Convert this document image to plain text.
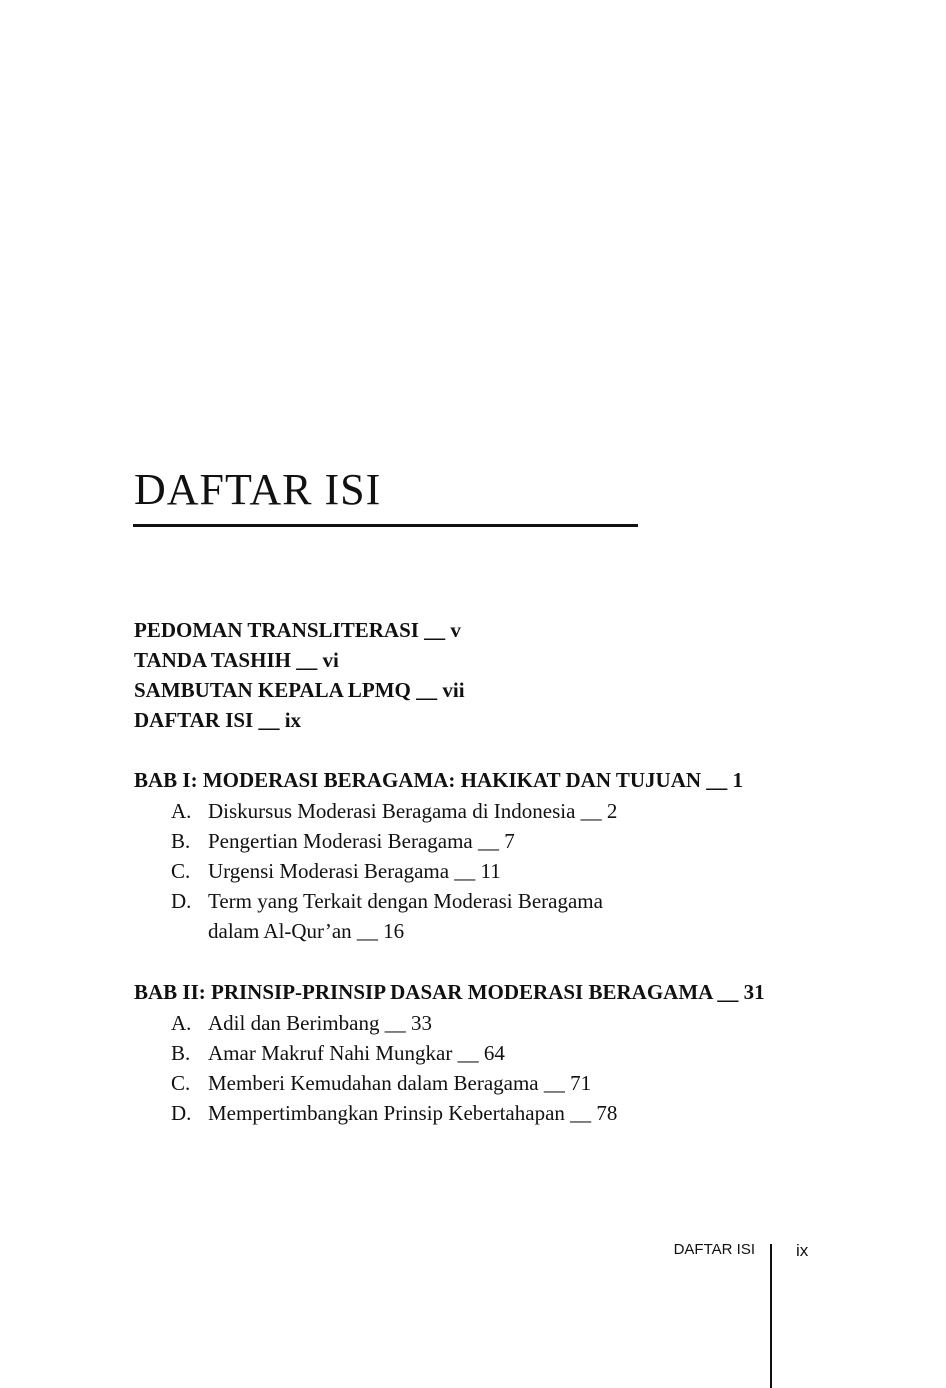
DAFTAR ISI
PEDOMAN TRANSLITERASI __ v
TANDA TASHIH __ vi
SAMBUTAN KEPALA LPMQ __ vii
DAFTAR ISI __ ix
BAB I: MODERASI BERAGAMA: HAKIKAT DAN TUJUAN __ 1
A. Diskursus Moderasi Beragama di Indonesia __ 2
B. Pengertian Moderasi Beragama __ 7
C. Urgensi Moderasi Beragama __ 11
D. Term yang Terkait dengan Moderasi Beragama
dalam Al-Qur’an __ 16
BAB II: PRINSIP-PRINSIP DASAR MODERASI BERAGAMA __ 31
A. Adil dan Berimbang __ 33
B. Amar Makruf Nahi Mungkar __ 64
C. Memberi Kemudahan dalam Beragama __ 71
D. Mempertimbangkan Prinsip Kebertahapan __ 78
DAFTAR ISI ix
